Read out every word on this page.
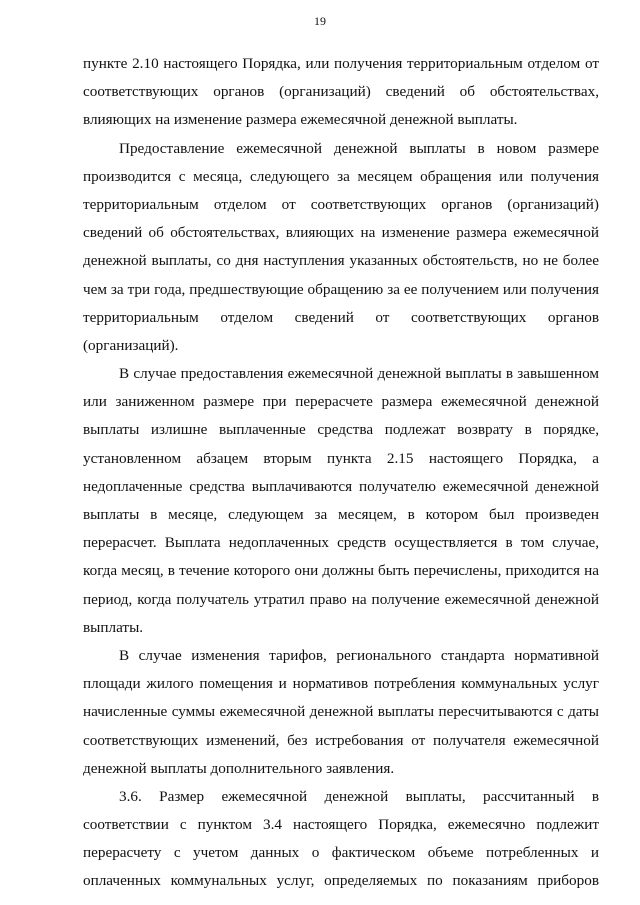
19
пункте 2.10 настоящего Порядка, или получения территориальным отделом от
соответствующих органов (организаций) сведений об обстоятельствах,
влияющих на изменение размера ежемесячной денежной выплаты.
Предоставление ежемесячной денежной выплаты в новом размере
производится с месяца, следующего за месяцем обращения или получения
территориальным отделом от соответствующих органов (организаций)
сведений об обстоятельствах, влияющих на изменение размера ежемесячной
денежной выплаты, со дня наступления указанных обстоятельств, но не более
чем за три года, предшествующие обращению за ее получением или получения
территориальным отделом сведений от соответствующих органов
(организаций).
В случае предоставления ежемесячной денежной выплаты в завышенном
или заниженном размере при перерасчете размера ежемесячной денежной
выплаты излишне выплаченные средства подлежат возврату в порядке,
установленном абзацем вторым пункта 2.15 настоящего Порядка, а
недоплаченные средства выплачиваются получателю ежемесячной денежной
выплаты в месяце, следующем за месяцем, в котором был произведен
перерасчет. Выплата недоплаченных средств осуществляется в том случае,
когда месяц, в течение которого они должны быть перечислены, приходится на
период, когда получатель утратил право на получение ежемесячной денежной
выплаты.
В случае изменения тарифов, регионального стандарта нормативной
площади жилого помещения и нормативов потребления коммунальных услуг
начисленные суммы ежемесячной денежной выплаты пересчитываются с даты
соответствующих изменений, без истребования от получателя ежемесячной
денежной выплаты дополнительного заявления.
3.6. Размер ежемесячной денежной выплаты, рассчитанный в
соответствии с пунктом 3.4 настоящего Порядка, ежемесячно подлежит
перерасчету с учетом данных о фактическом объеме потребленных и
оплаченных коммунальных услуг, определяемых по показаниям приборов
